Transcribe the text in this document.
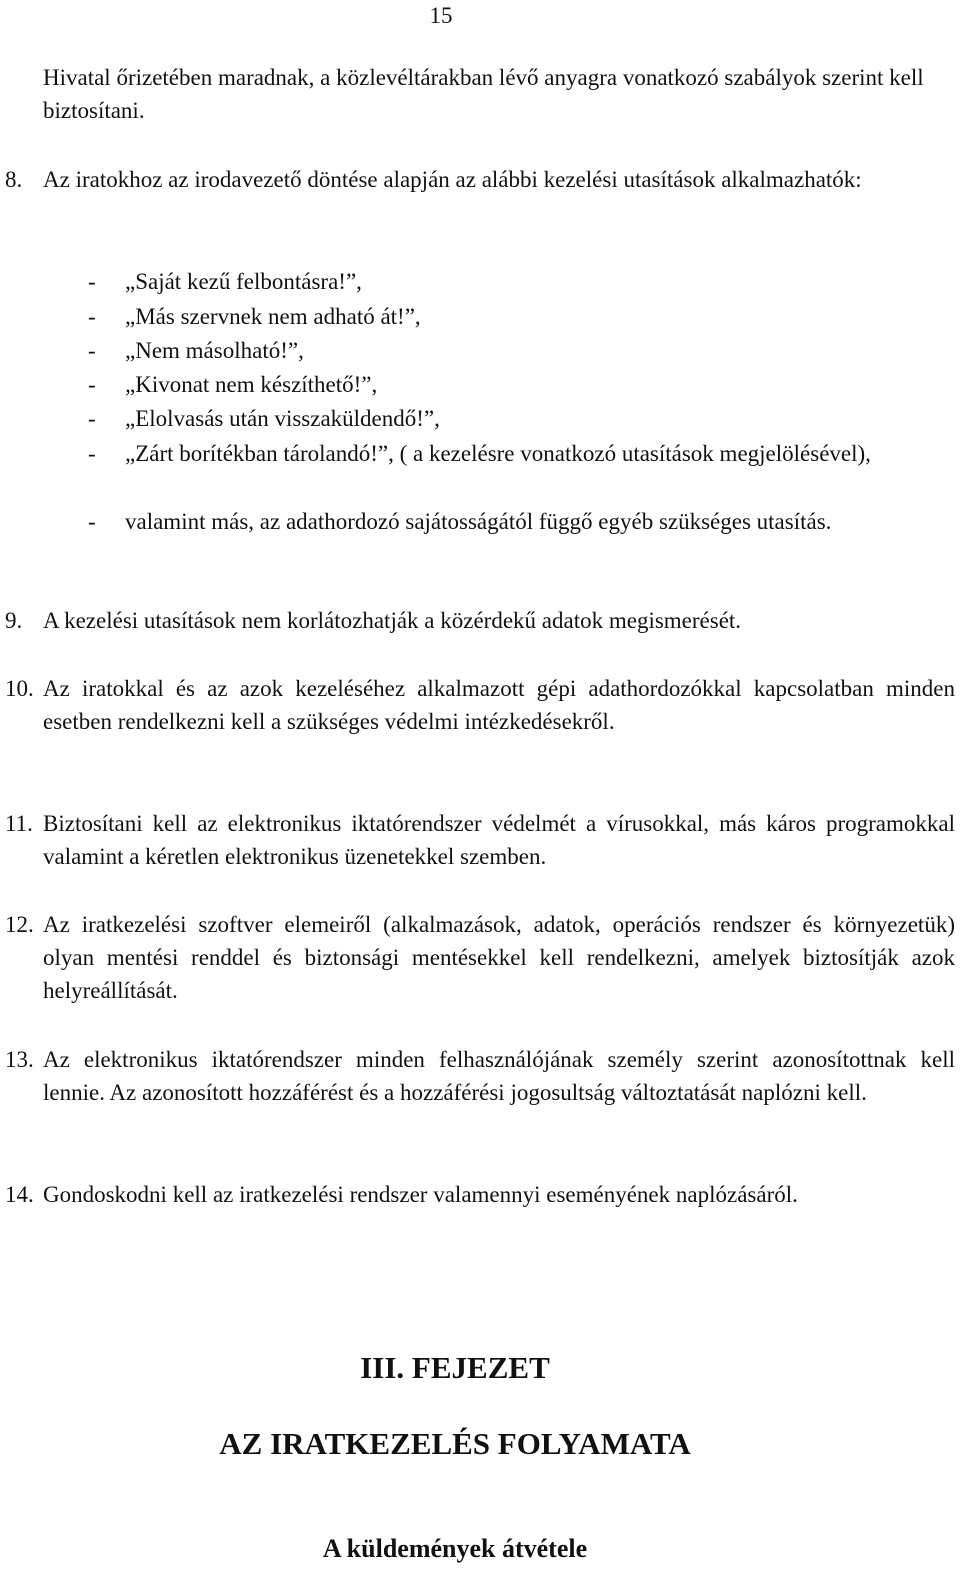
15
Hivatal őrizetében maradnak, a közlevéltárakban lévő anyagra vonatkozó szabályok szerint kell biztosítani.
8. Az iratokhoz az irodavezető döntése alapján az alábbi kezelési utasítások alkalmazhatók:
- „Saját kezű felbontásra!”,
- „Más szervnek nem adható át!”,
- „Nem másolható!”,
- „Kivonat nem készíthető!”,
- „Elolvasás után visszaküldendő!”,
- „Zárt borítékban tárolandó!”, ( a kezelésre vonatkozó utasítások megjelölésével),
- valamint más, az adathordozó sajátosságától függő egyéb szükséges utasítás.
9. A kezelési utasítások nem korlátozhatják a közérdekű adatok megismerését.
10. Az iratokkal és az azok kezeléséhez alkalmazott gépi adathordozókkal kapcsolatban minden esetben rendelkezni kell a szükséges védelmi intézkedésekről.
11. Biztosítani kell az elektronikus iktatórendszer védelmét a vírusokkal, más káros programokkal valamint a kéretlen elektronikus üzenetekkel szemben.
12. Az iratkezelési szoftver elemeiről (alkalmazások, adatok, operációs rendszer és környezetük) olyan mentési renddel és biztonsági mentésekkel kell rendelkezni, amelyek biztosítják azok helyreállítását.
13. Az elektronikus iktatórendszer minden felhasználójának személy szerint azonosítottnak kell lennie. Az azonosított hozzáférést és a hozzáférési jogosultság változtatását naplózni kell.
14. Gondoskodni kell az iratkezelési rendszer valamennyi eseményének naplózásáról.
III. FEJEZET
AZ IRATKEZELÉS FOLYAMATA
A küldemények átvétele
